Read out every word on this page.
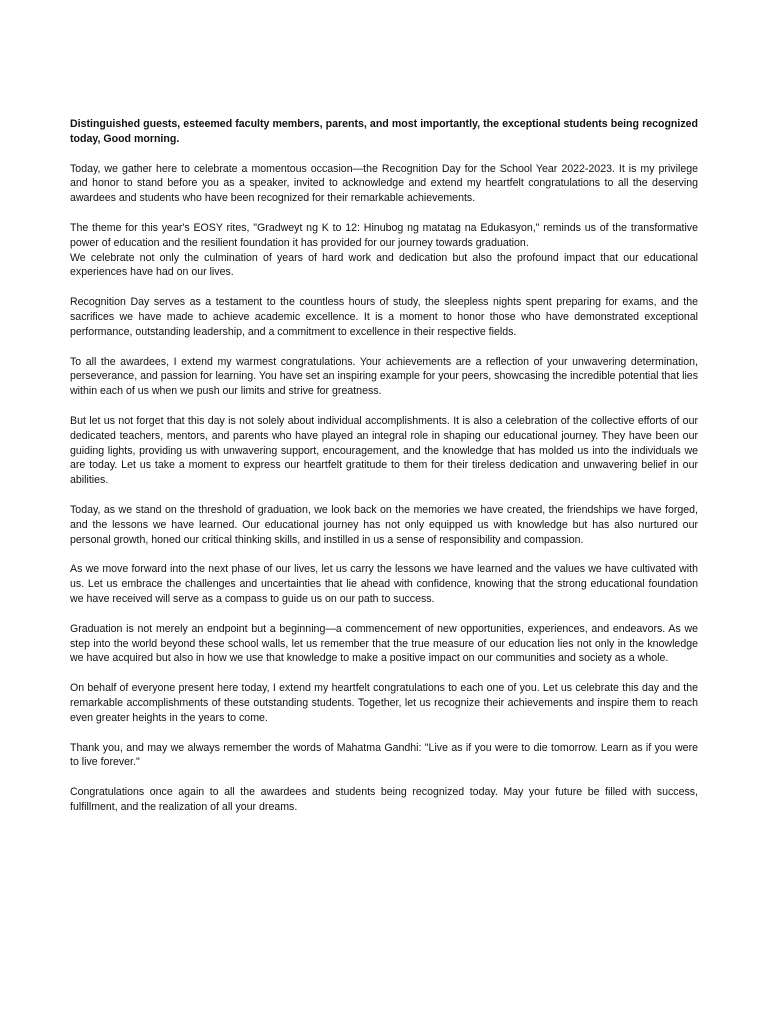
Distinguished guests, esteemed faculty members, parents, and most importantly, the exceptional students being recognized today, Good morning.

Today, we gather here to celebrate a momentous occasion—the Recognition Day for the School Year 2022-2023. It is my privilege and honor to stand before you as a speaker, invited to acknowledge and extend my heartfelt congratulations to all the deserving awardees and students who have been recognized for their remarkable achievements.

The theme for this year's EOSY rites, "Gradweyt ng K to 12: Hinubog ng matatag na Edukasyon," reminds us of the transformative power of education and the resilient foundation it has provided for our journey towards graduation.

We celebrate not only the culmination of years of hard work and dedication but also the profound impact that our educational experiences have had on our lives.

Recognition Day serves as a testament to the countless hours of study, the sleepless nights spent preparing for exams, and the sacrifices we have made to achieve academic excellence. It is a moment to honor those who have demonstrated exceptional performance, outstanding leadership, and a commitment to excellence in their respective fields.

To all the awardees, I extend my warmest congratulations. Your achievements are a reflection of your unwavering determination, perseverance, and passion for learning. You have set an inspiring example for your peers, showcasing the incredible potential that lies within each of us when we push our limits and strive for greatness.

But let us not forget that this day is not solely about individual accomplishments. It is also a celebration of the collective efforts of our dedicated teachers, mentors, and parents who have played an integral role in shaping our educational journey. They have been our guiding lights, providing us with unwavering support, encouragement, and the knowledge that has molded us into the individuals we are today. Let us take a moment to express our heartfelt gratitude to them for their tireless dedication and unwavering belief in our abilities.

Today, as we stand on the threshold of graduation, we look back on the memories we have created, the friendships we have forged, and the lessons we have learned. Our educational journey has not only equipped us with knowledge but has also nurtured our personal growth, honed our critical thinking skills, and instilled in us a sense of responsibility and compassion.

As we move forward into the next phase of our lives, let us carry the lessons we have learned and the values we have cultivated with us. Let us embrace the challenges and uncertainties that lie ahead with confidence, knowing that the strong educational foundation we have received will serve as a compass to guide us on our path to success.

Graduation is not merely an endpoint but a beginning—a commencement of new opportunities, experiences, and endeavors. As we step into the world beyond these school walls, let us remember that the true measure of our education lies not only in the knowledge we have acquired but also in how we use that knowledge to make a positive impact on our communities and society as a whole.

On behalf of everyone present here today, I extend my heartfelt congratulations to each one of you. Let us celebrate this day and the remarkable accomplishments of these outstanding students. Together, let us recognize their achievements and inspire them to reach even greater heights in the years to come.

Thank you, and may we always remember the words of Mahatma Gandhi: "Live as if you were to die tomorrow. Learn as if you were to live forever."

Congratulations once again to all the awardees and students being recognized today. May your future be filled with success, fulfillment, and the realization of all your dreams.
